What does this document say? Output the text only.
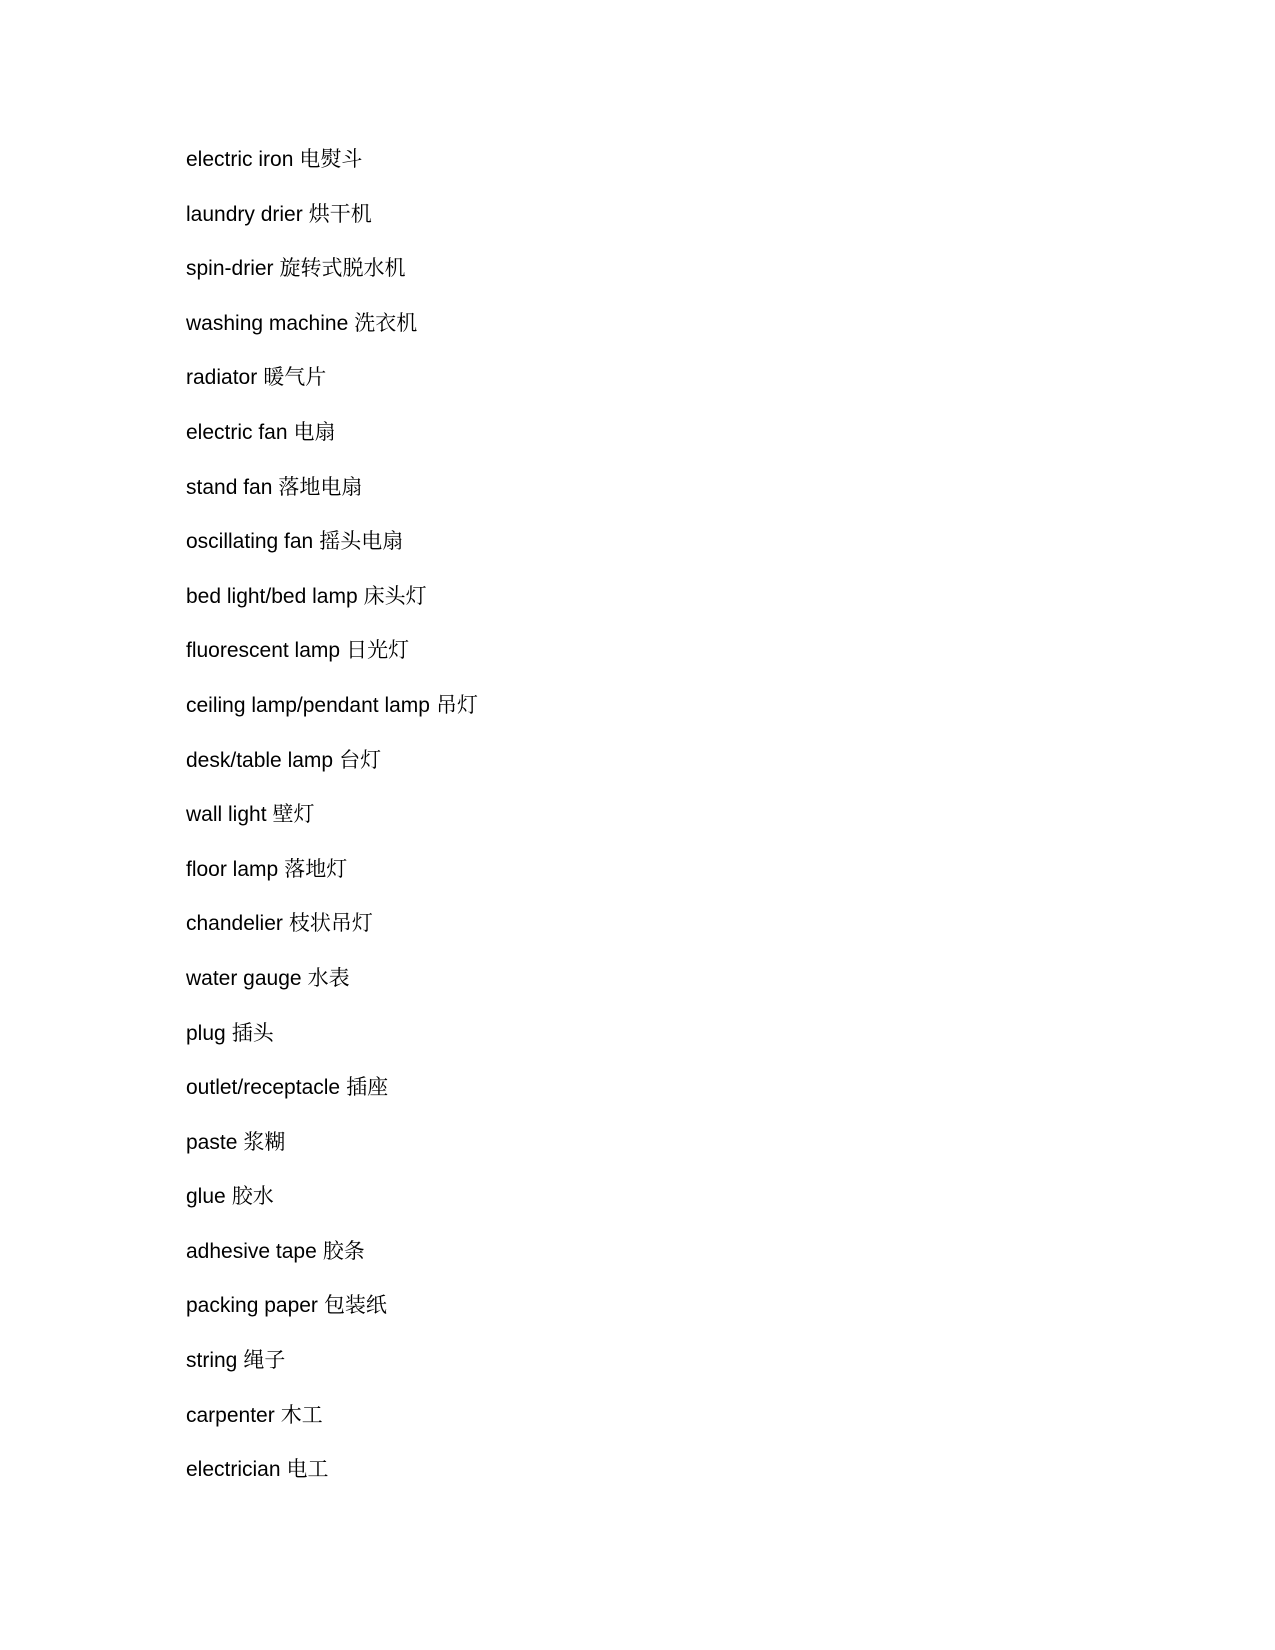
electric iron 电熨斗
laundry drier 烘干机
spin-drier 旋转式脱水机
washing machine 洗衣机
radiator 暖气片
electric fan 电扇
stand fan 落地电扇
oscillating fan 摇头电扇
bed light/bed lamp 床头灯
fluorescent lamp 日光灯
ceiling lamp/pendant lamp 吊灯
desk/table lamp 台灯
wall light 壁灯
floor lamp 落地灯
chandelier 枝状吊灯
water gauge 水表
plug 插头
outlet/receptacle 插座
paste 浆糊
glue 胶水
adhesive tape 胶条
packing paper 包装纸
string 绳子
carpenter 木工
electrician 电工
